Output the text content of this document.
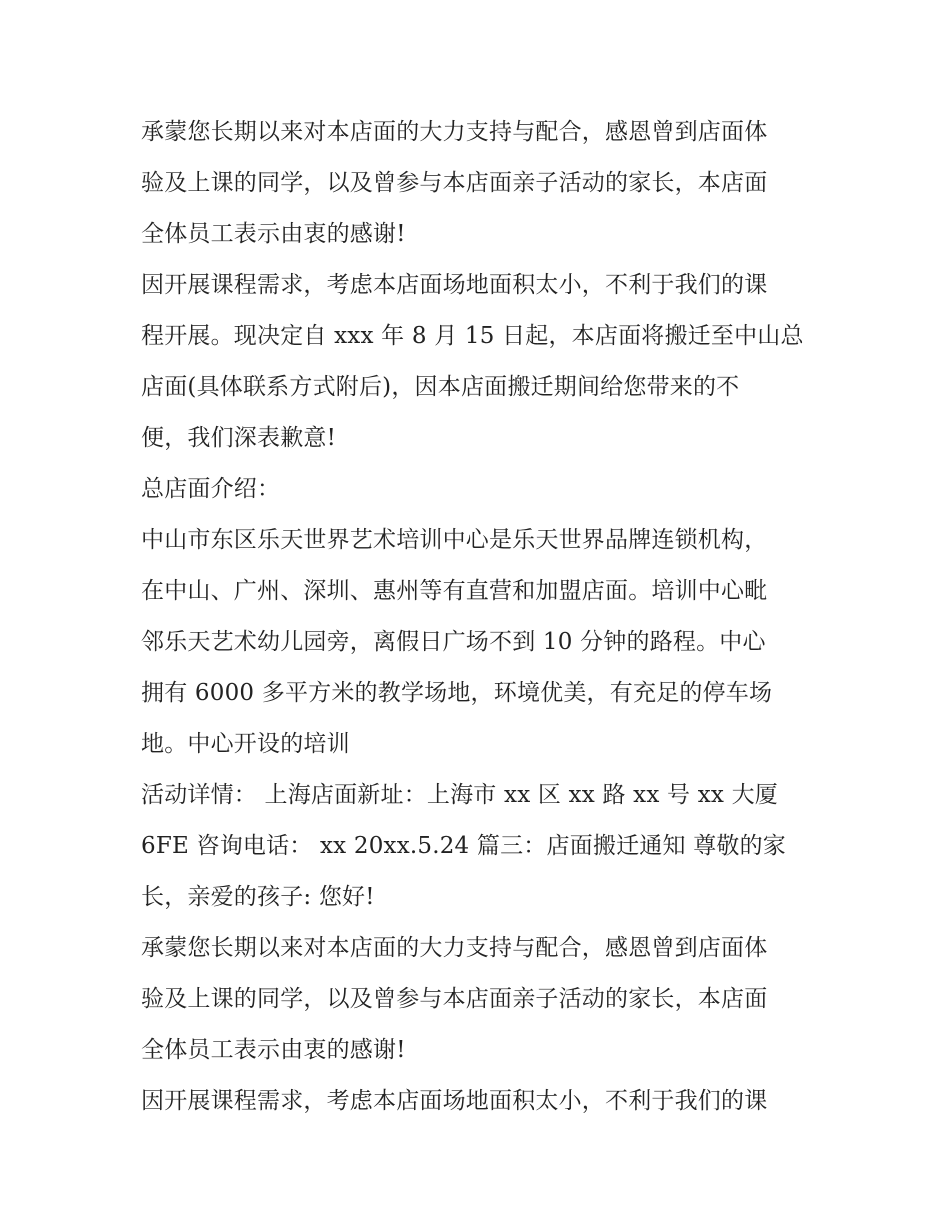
承蒙您长期以来对本店面的大力支持与配合，感恩曾到店面体
验及上课的同学，以及曾参与本店面亲子活动的家长，本店面
全体员工表示由衷的感谢!
因开展课程需求，考虑本店面场地面积太小，不利于我们的课
程开展。现决定自 xxx 年 8 月 15 日起，本店面将搬迁至中山总
店面(具体联系方式附后)，因本店面搬迁期间给您带来的不
便，我们深表歉意!
总店面介绍：
中山市东区乐天世界艺术培训中心是乐天世界品牌连锁机构，
在中山、广州、深圳、惠州等有直营和加盟店面。培训中心毗
邻乐天艺术幼儿园旁，离假日广场不到 10 分钟的路程。中心
拥有 6000 多平方米的教学场地，环境优美，有充足的停车场
地。中心开设的培训
活动详情： 上海店面新址：上海市 xx 区 xx 路 xx 号 xx 大厦
6FE 咨询电话： xx 20xx.5.24 篇三：店面搬迁通知 尊敬的家
长，亲爱的孩子: 您好!
承蒙您长期以来对本店面的大力支持与配合，感恩曾到店面体
验及上课的同学，以及曾参与本店面亲子活动的家长，本店面
全体员工表示由衷的感谢!
因开展课程需求，考虑本店面场地面积太小，不利于我们的课
